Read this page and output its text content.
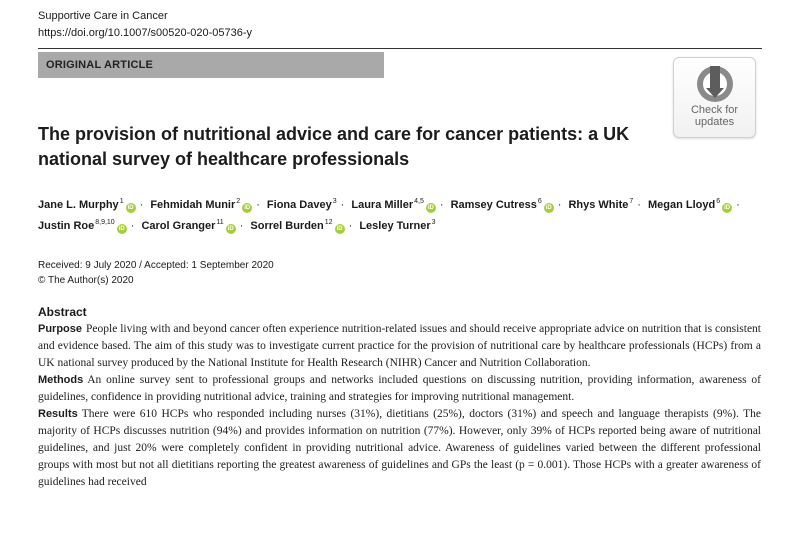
Supportive Care in Cancer
https://doi.org/10.1007/s00520-020-05736-y
ORIGINAL ARTICLE
Check for
updates
The provision of nutritional advice and care for cancer patients: a UK national survey of healthcare professionals
Jane L. Murphy$^1$iD · Fehmidah Munir$^2$iD · Fiona Davey$^3$ · Laura Miller$^{4,5}$iD · Ramsey Cutress$^6$iD · Rhys White$^7$ · Megan Lloyd$^6$iD · Justin Roe$^{8,9,10}$iD · Carol Granger$^{11}$iD · Sorrel Burden$^{12}$iD · Lesley Turner$^3$
Received: 9 July 2020 / Accepted: 1 September 2020
© The Author(s) 2020
Abstract

Purpose People living with and beyond cancer often experience nutrition-related issues and should receive appropriate advice on nutrition that is consistent and evidence based. The aim of this study was to investigate current practice for the provision of nutritional care by healthcare professionals (HCPs) from a UK national survey produced by the National Institute for Health Research (NIHR) Cancer and Nutrition Collaboration.

Methods An online survey sent to professional groups and networks included questions on discussing nutrition, providing information, awareness of guidelines, confidence in providing nutritional advice, training and strategies for improving nutritional management.

Results There were 610 HCPs who responded including nurses (31%), dietitians (25%), doctors (31%) and speech and language therapists (9%). The majority of HCPs discusses nutrition (94%) and provides information on nutrition (77%). However, only 39% of HCPs reported being aware of nutritional guidelines, and just 20% were completely confident in providing nutritional advice. Awareness of guidelines varied between the different professional groups with most but not all dietitians reporting the greatest awareness of guidelines and GPs the least (p = 0.001). Those HCPs with a greater awareness of guidelines had received
